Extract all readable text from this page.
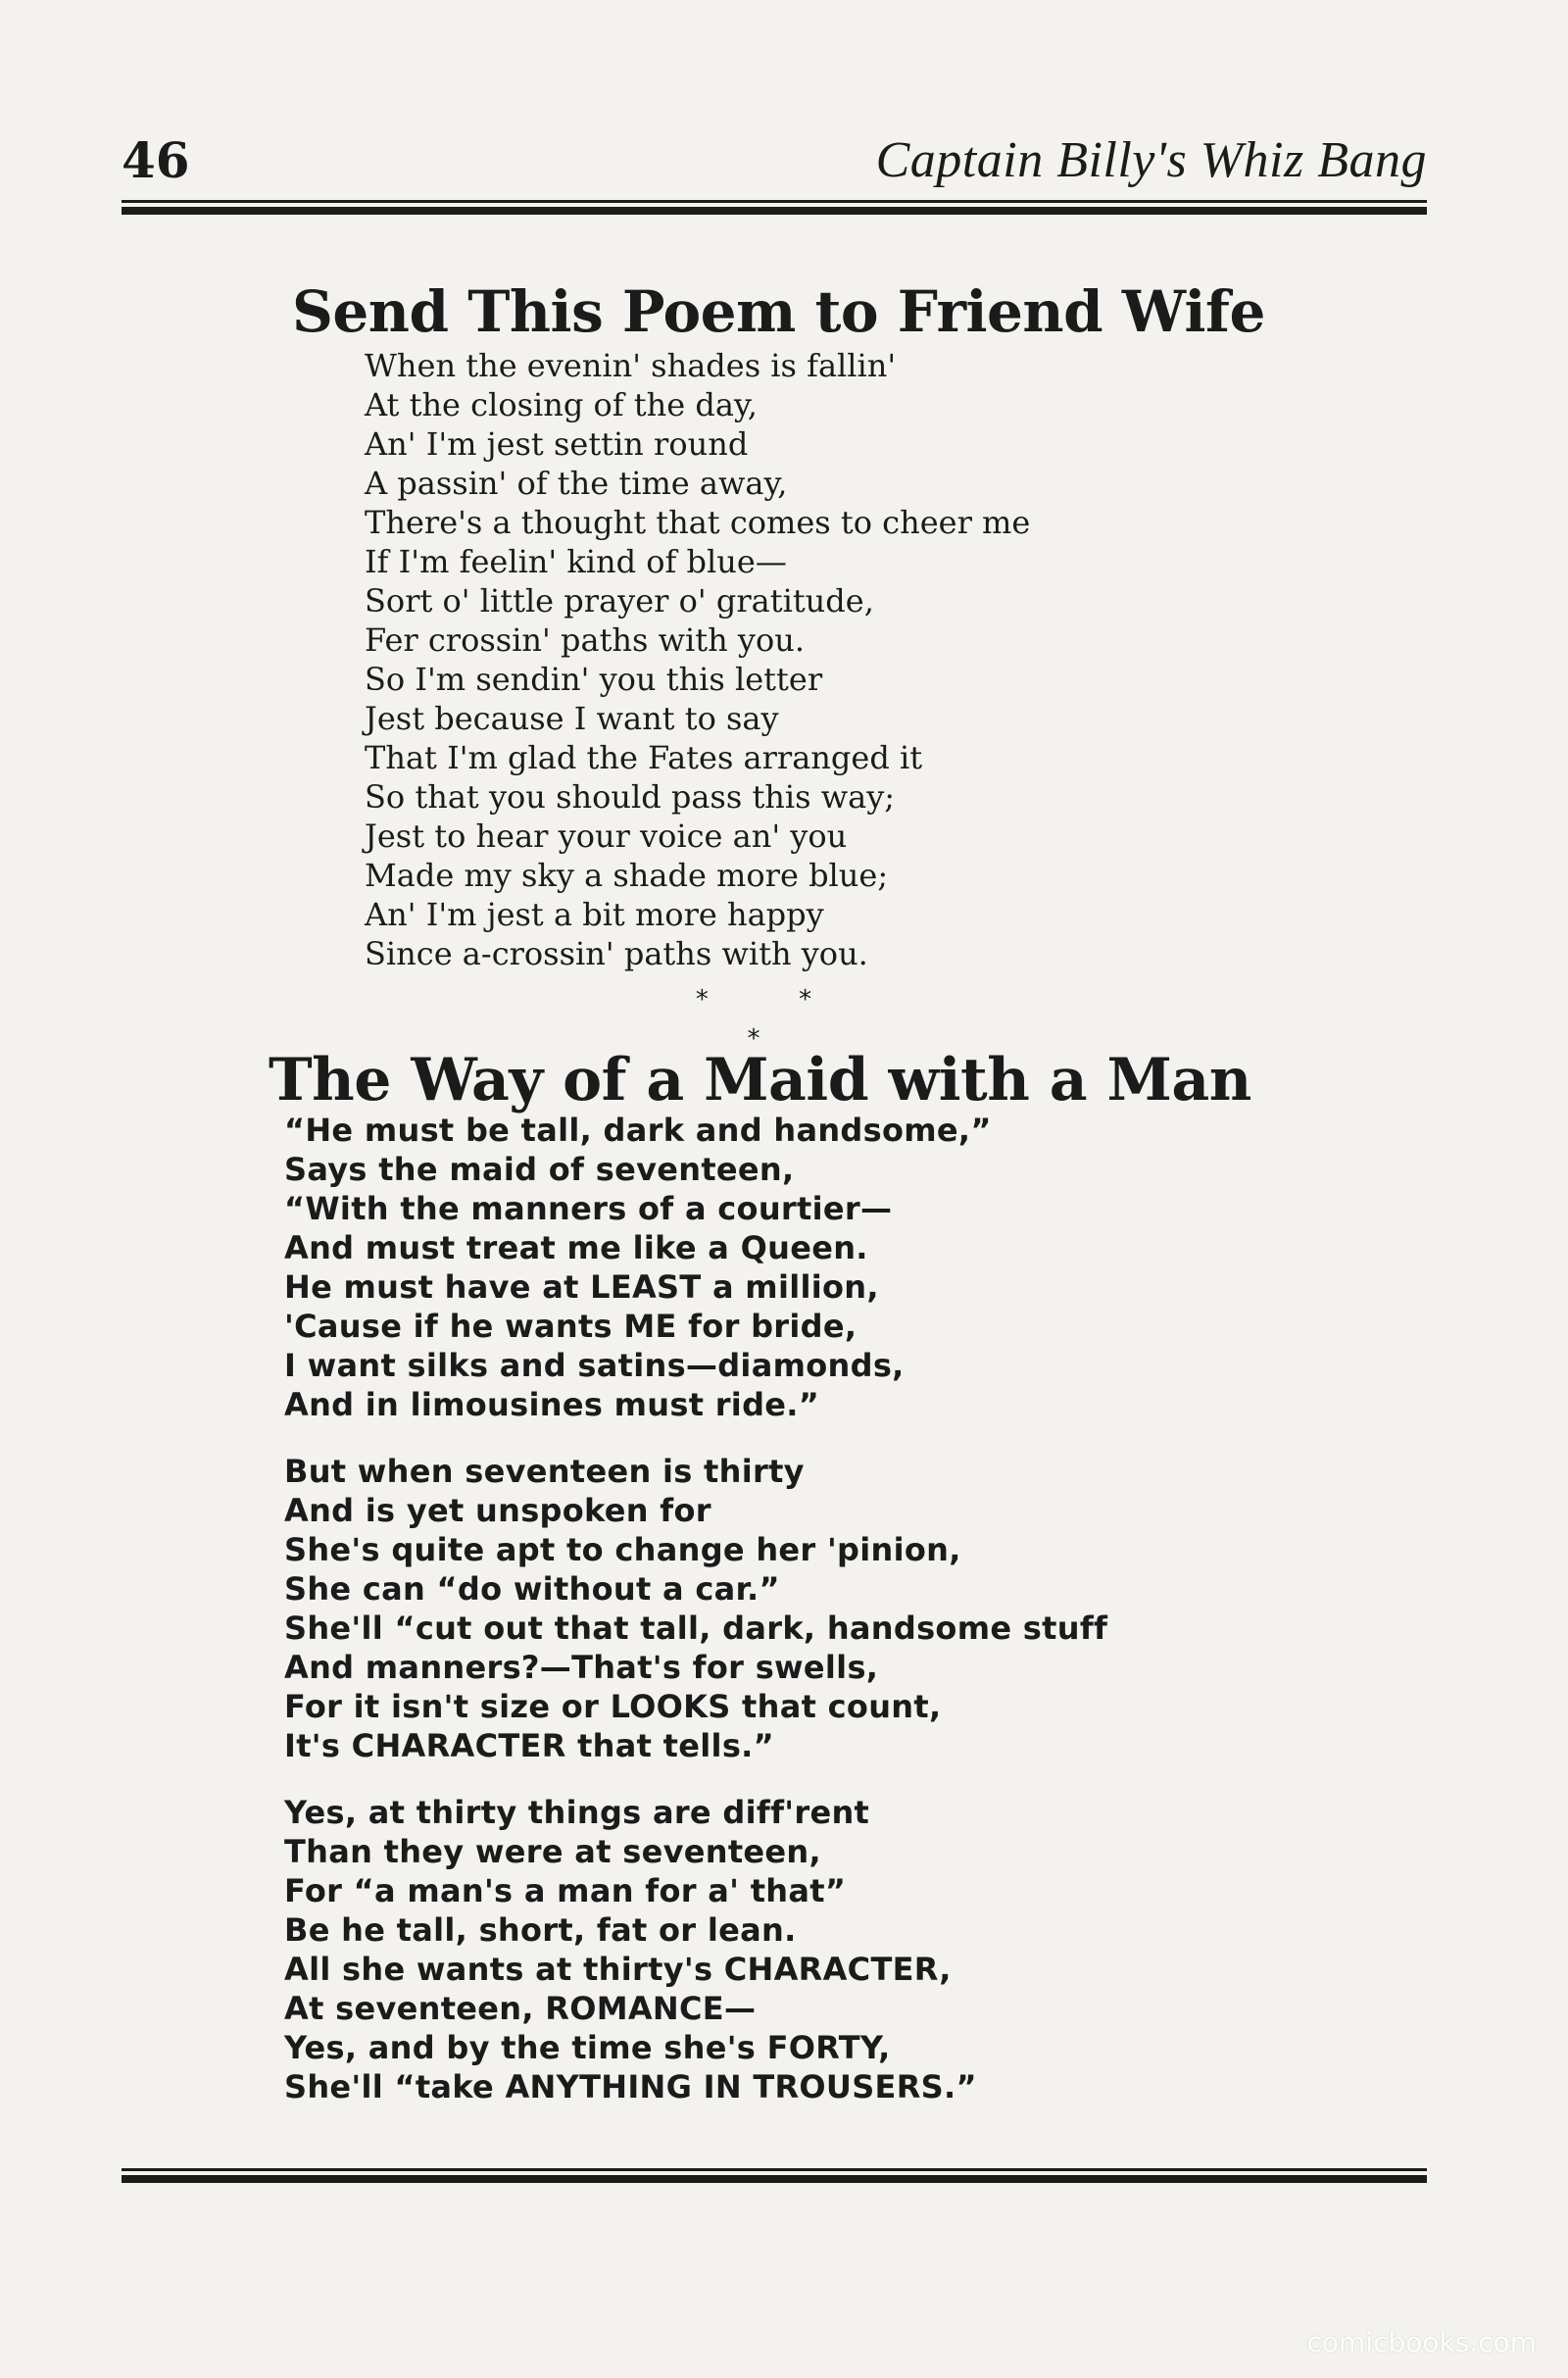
46	Captain Billy's Whiz Bang
Send This Poem to Friend Wife
When the evenin' shades is fallin'
At the closing of the day,
An' I'm jest settin round
A passin' of the time away,
There's a thought that comes to cheer me
If I'm feelin' kind of blue—
Sort o' little prayer o' gratitude,
Fer crossin' paths with you.
So I'm sendin' you this letter
Jest because I want to say
That I'm glad the Fates arranged it
So that you should pass this way;
Jest to hear your voice an' you
Made my sky a shade more blue;
An' I'm jest a bit more happy
Since a-crossin' paths with you.
* * *
The Way of a Maid with a Man
“He must be tall, dark and handsome,”
Says the maid of seventeen,
“With the manners of a courtier—
And must treat me like a Queen.
He must have at LEAST a million,
'Cause if he wants ME for bride,
I want silks and satins—diamonds,
And in limousines must ride.”
But when seventeen is thirty
And is yet unspoken for
She's quite apt to change her 'pinion,
She can “do without a car.”
She'll “cut out that tall, dark, handsome stuff
And manners?—That's for swells,
For it isn't size or LOOKS that count,
It's CHARACTER that tells.”
Yes, at thirty things are diff'rent
Than they were at seventeen,
For “a man's a man for a' that”
Be he tall, short, fat or lean.
All she wants at thirty's CHARACTER,
At seventeen, ROMANCE—
Yes, and by the time she's FORTY,
She'll “take ANYTHING IN TROUSERS.”
comicbooks.com
